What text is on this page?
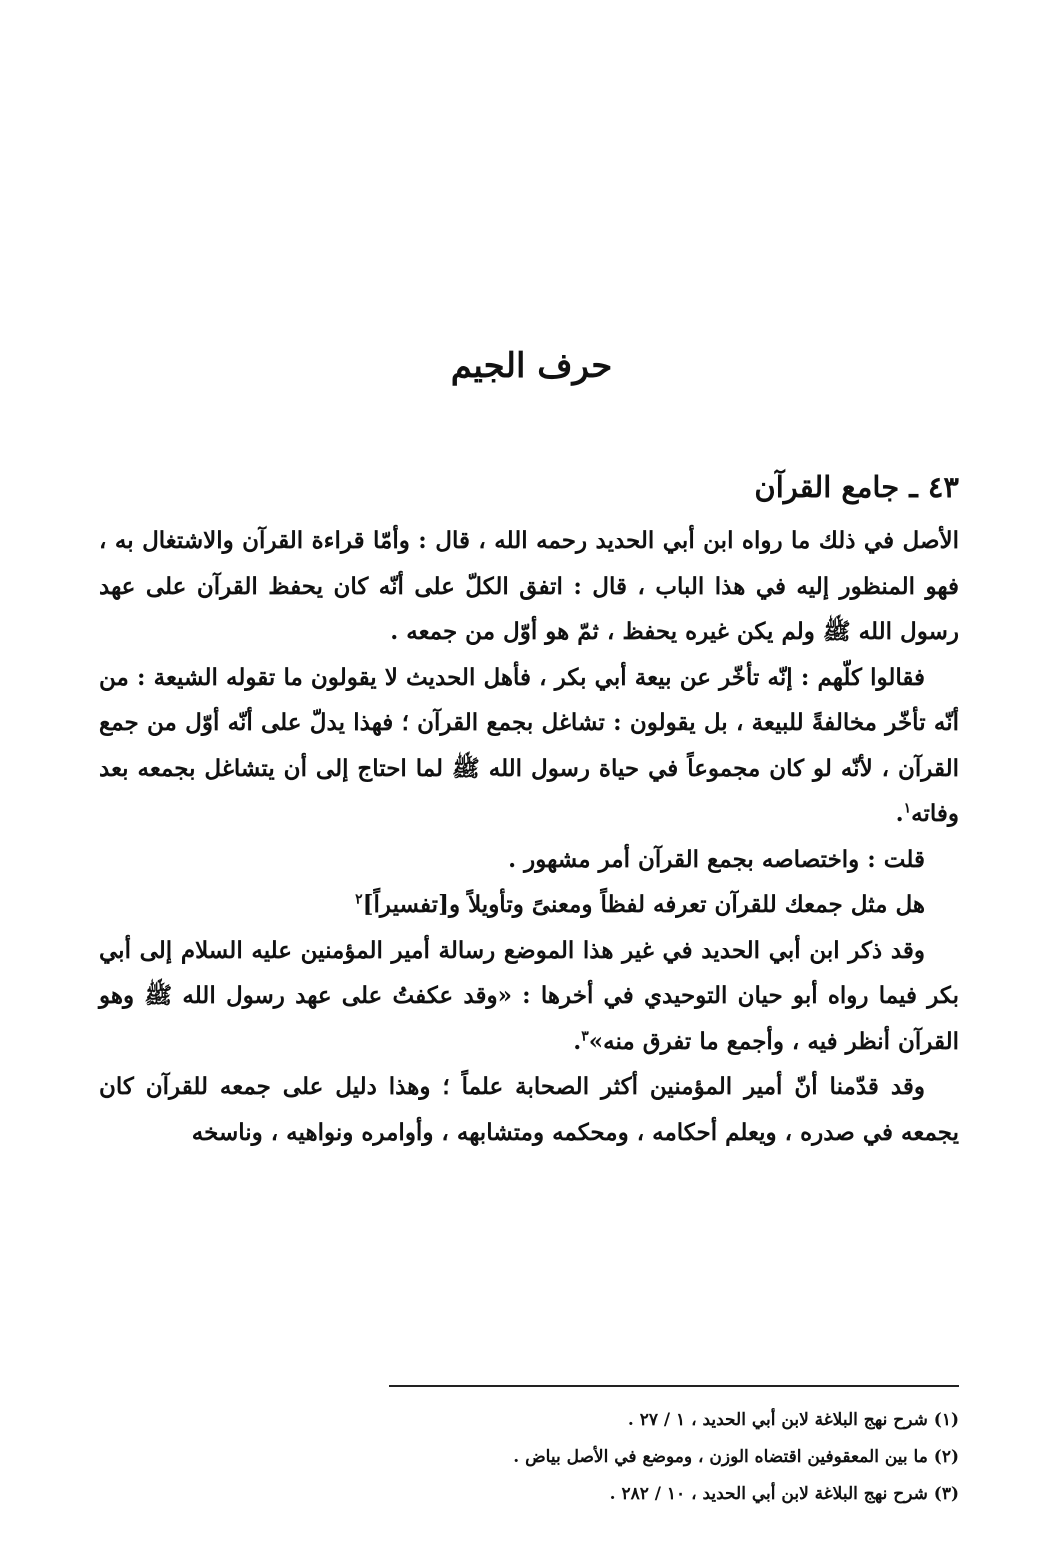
حرف الجيم
٤٣ ـ جامع القرآن

الأصل في ذلك ما رواه ابن أبي الحديد رحمه الله ، قال : وأمّا قراءة القرآن والاشتغال به ، فهو المنظور إليه في هذا الباب ، قال : اتفق الكلّ على أنّه كان يحفظ القرآن على عهد رسول الله ﷺ ولم يكن غيره يحفظ ، ثمّ هو أوّل من جمعه .

فقالوا كلّهم : إنّه تأخّر عن بيعة أبي بكر ، فأهل الحديث لا يقولون ما تقوله الشيعة : من أنّه تأخّر مخالفةً للبيعة ، بل يقولون : تشاغل بجمع القرآن ؛ فهذا يدلّ على أنّه أوّل من جمع القرآن ، لأنّه لو كان مجموعاً في حياة رسول الله ﷺ لما احتاج إلى أن يتشاغل بجمعه بعد وفاته$^١$.

قلت : واختصاصه بجمع القرآن أمر مشهور .

هل مثل جمعك للقرآن تعرفه لفظاً ومعنىً وتأويلاً و[تفسيراً]$^٢$

وقد ذكر ابن أبي الحديد في غير هذا الموضع رسالة أمير المؤمنين عليه السلام إلى أبي بكر فيما رواه أبو حيان التوحيدي في أخرها : «وقد عكفتُ على عهد رسول الله ﷺ وهو القرآن أنظر فيه ، وأجمع ما تفرق منه»$^٣$.

وقد قدّمنا أنّ أمير المؤمنين أكثر الصحابة علماً ؛ وهذا دليل على جمعه للقرآن كان يجمعه في صدره ، ويعلم أحكامه ، ومحكمه ومتشابهه ، وأوامره ونواهيه ، وناسخه

(١) شرح نهج البلاغة لابن أبي الحديد ، ١ / ٢٧ .
(٢) ما بين المعقوفين اقتضاه الوزن ، وموضع في الأصل بياض .
(٣) شرح نهج البلاغة لابن أبي الحديد ، ١٠ / ٢٨٢ .
